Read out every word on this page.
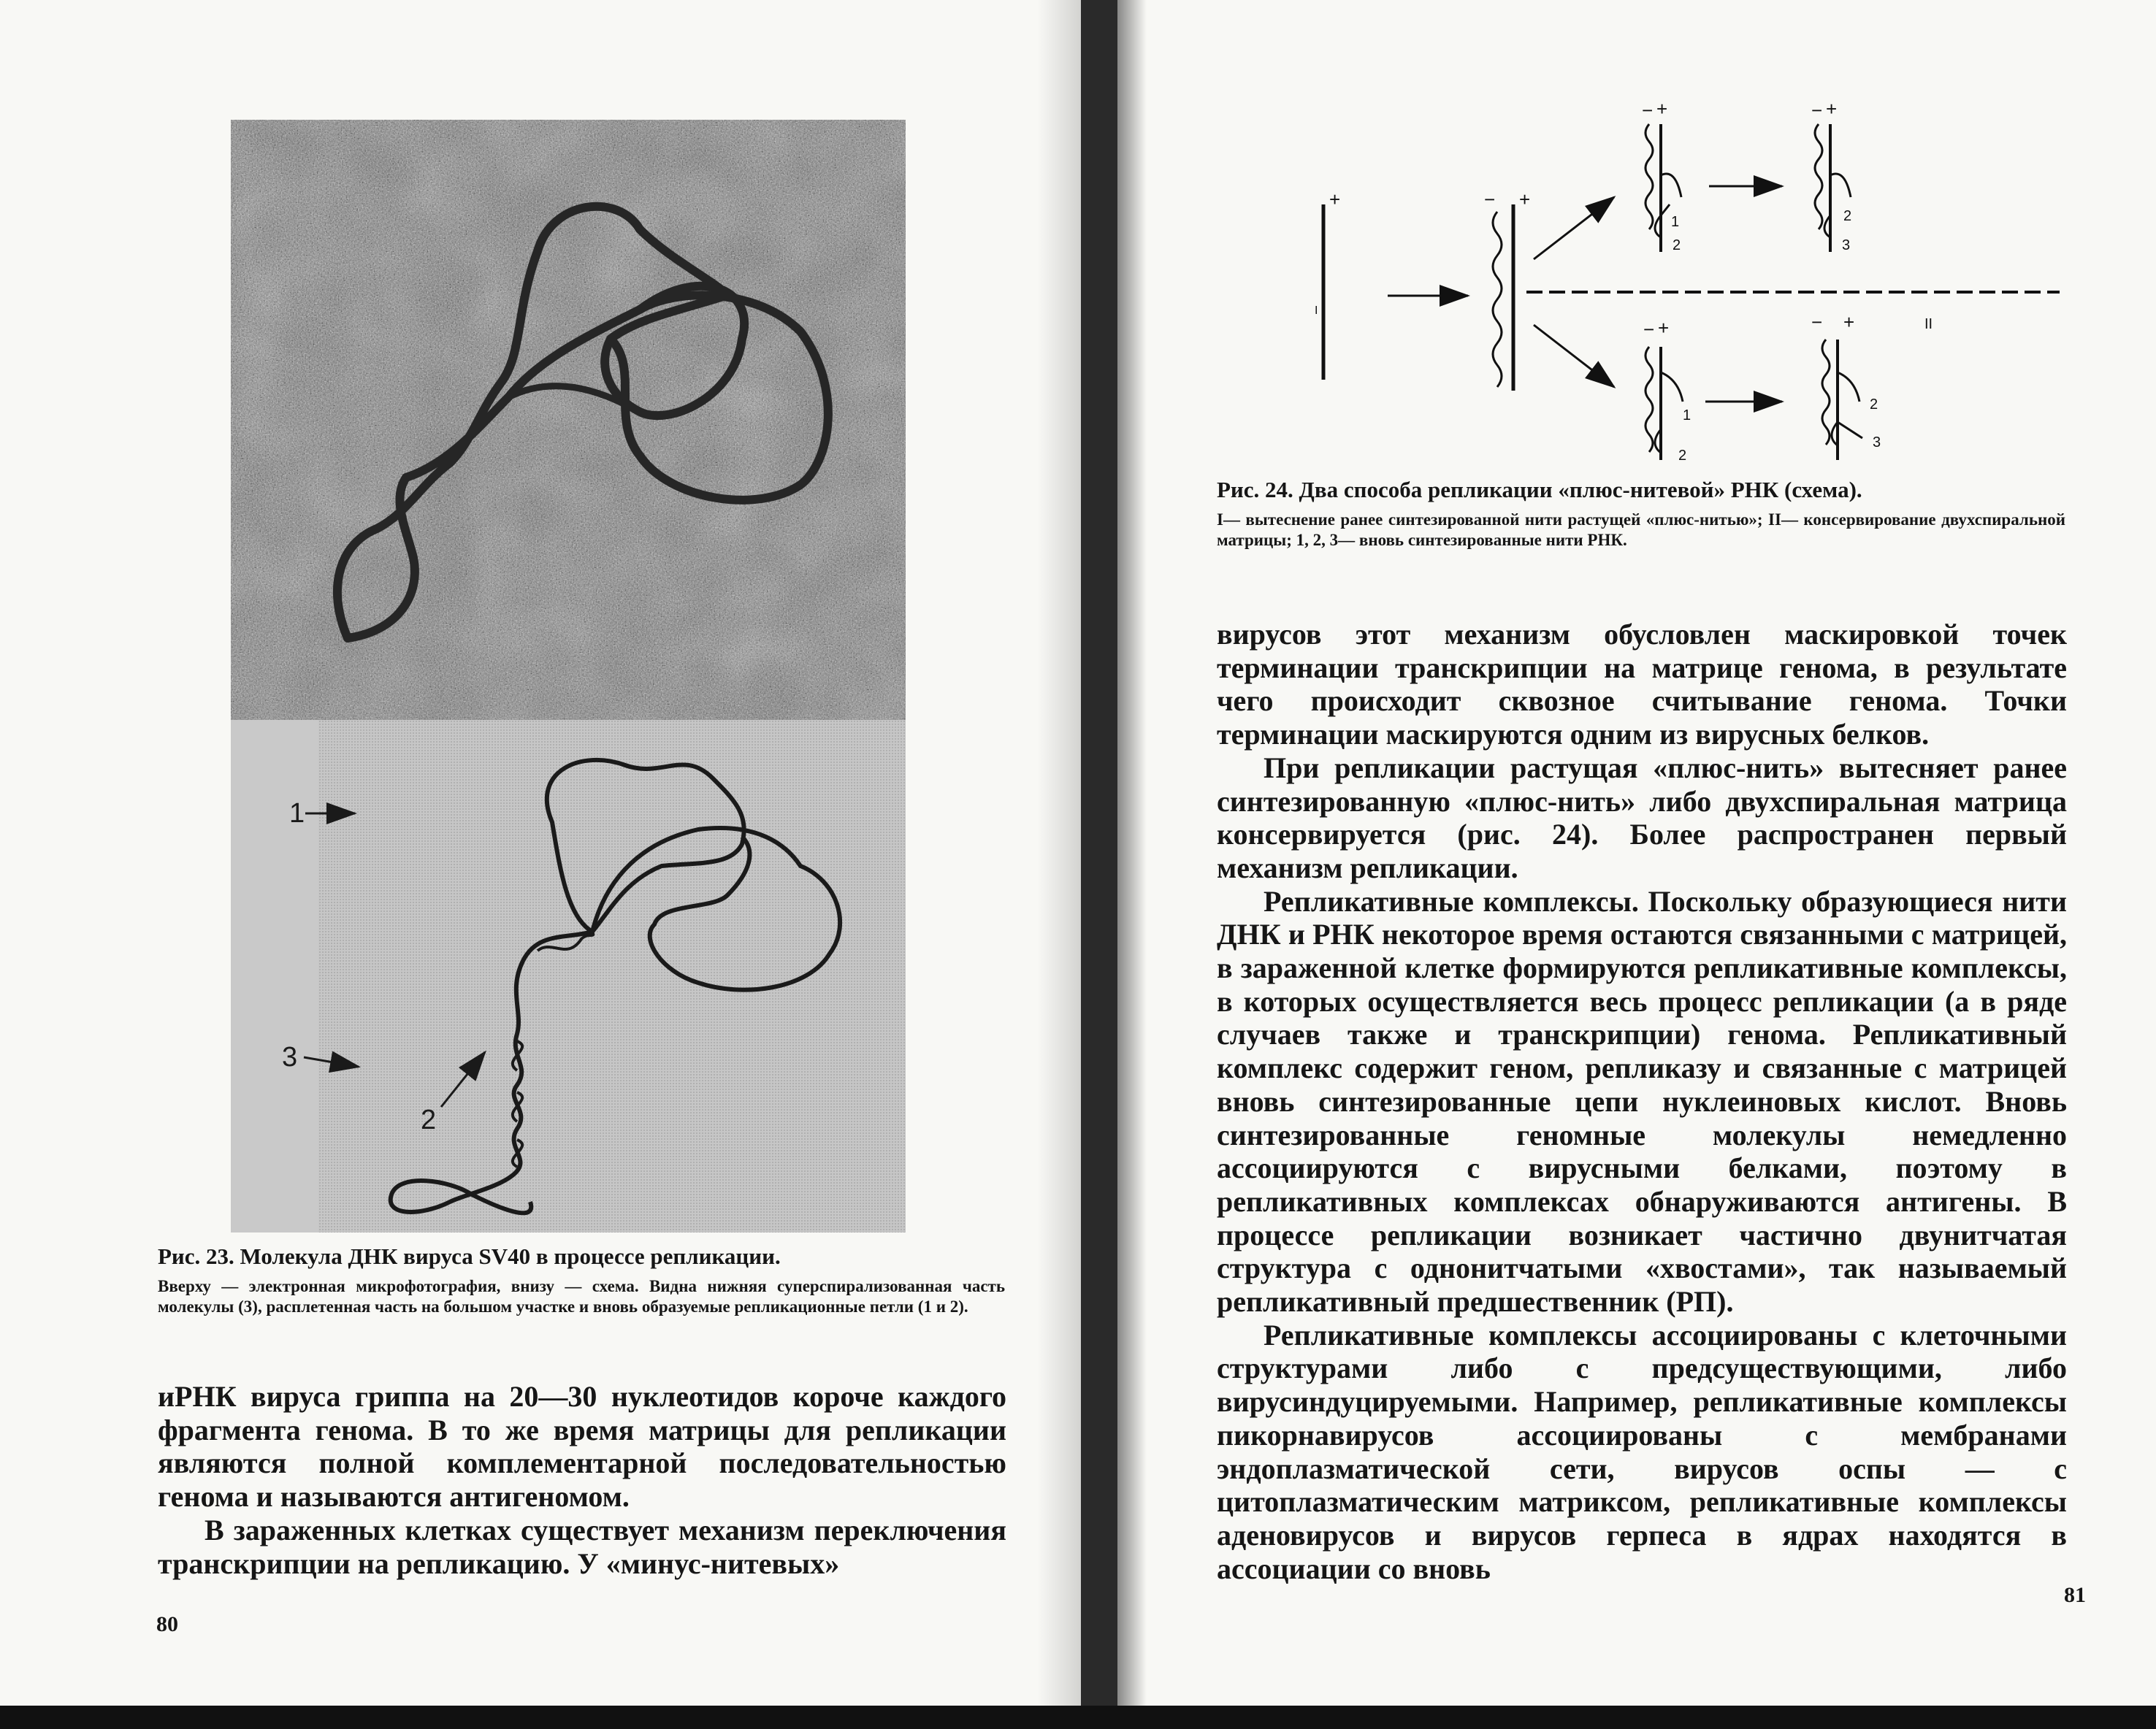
1
3
2
Рис. 23. Молекула ДНК вируса SV40 в процессе репликации.
Вверху — электронная микрофотография, внизу — схема. Видна нижняя суперспирализованная часть молекулы (3), расплетенная часть на большом участке и вновь образуемые репликационные петли (1 и 2).

иРНК вируса гриппа на 20—30 нуклеотидов короче каждого фрагмента генома. В то же время матрицы для репликации являются полной комплементарной последовательностью генома и называются антигеномом.

В зараженных клетках существует механизм переключения транскрипции на репликацию. У «минус-нитевых»

80
+	− +
− +
1
2
− +
2
3
− +
1
2
− +
2
3
I
II
Рис. 24. Два способа репликации «плюс-нитевой» РНК (схема).
I— вытеснение ранее синтезированной нити растущей «плюс-нитью»; II— консервирование двухспиральной матрицы; 1, 2, 3— вновь синтезированные нити РНК.

вирусов этот механизм обусловлен маскировкой точек терминации транскрипции на матрице генома, в результате чего происходит сквозное считывание генома. Точки терминации маскируются одним из вирусных белков.

При репликации растущая «плюс-нить» вытесняет ранее синтезированную «плюс-нить» либо двухспиральная матрица консервируется (рис. 24). Более распространен первый механизм репликации.

Репликативные комплексы. Поскольку образующиеся нити ДНК и РНК некоторое время остаются связанными с матрицей, в зараженной клетке формируются репликативные комплексы, в которых осуществляется весь процесс репликации (а в ряде случаев также и транскрипции) генома. Репликативный комплекс содержит геном, репликазу и связанные с матрицей вновь синтезированные цепи нуклеиновых кислот. Вновь синтезированные геномные молекулы немедленно ассоциируются с вирусными белками, поэтому в репликативных комплексах обнаруживаются антигены. В процессе репликации возникает частично двунитчатая структура с однонитчатыми «хвостами», так называемый репликативный предшественник (РП).

Репликативные комплексы ассоциированы с клеточными структурами либо с предсуществующими, либо вирусиндуцируемыми. Например, репликативные комплексы пикорнавирусов ассоциированы с мембранами эндоплазматической сети, вирусов оспы — с цитоплазматическим матриксом, репликативные комплексы аденовирусов и вирусов герпеса в ядрах находятся в ассоциации со вновь

81
